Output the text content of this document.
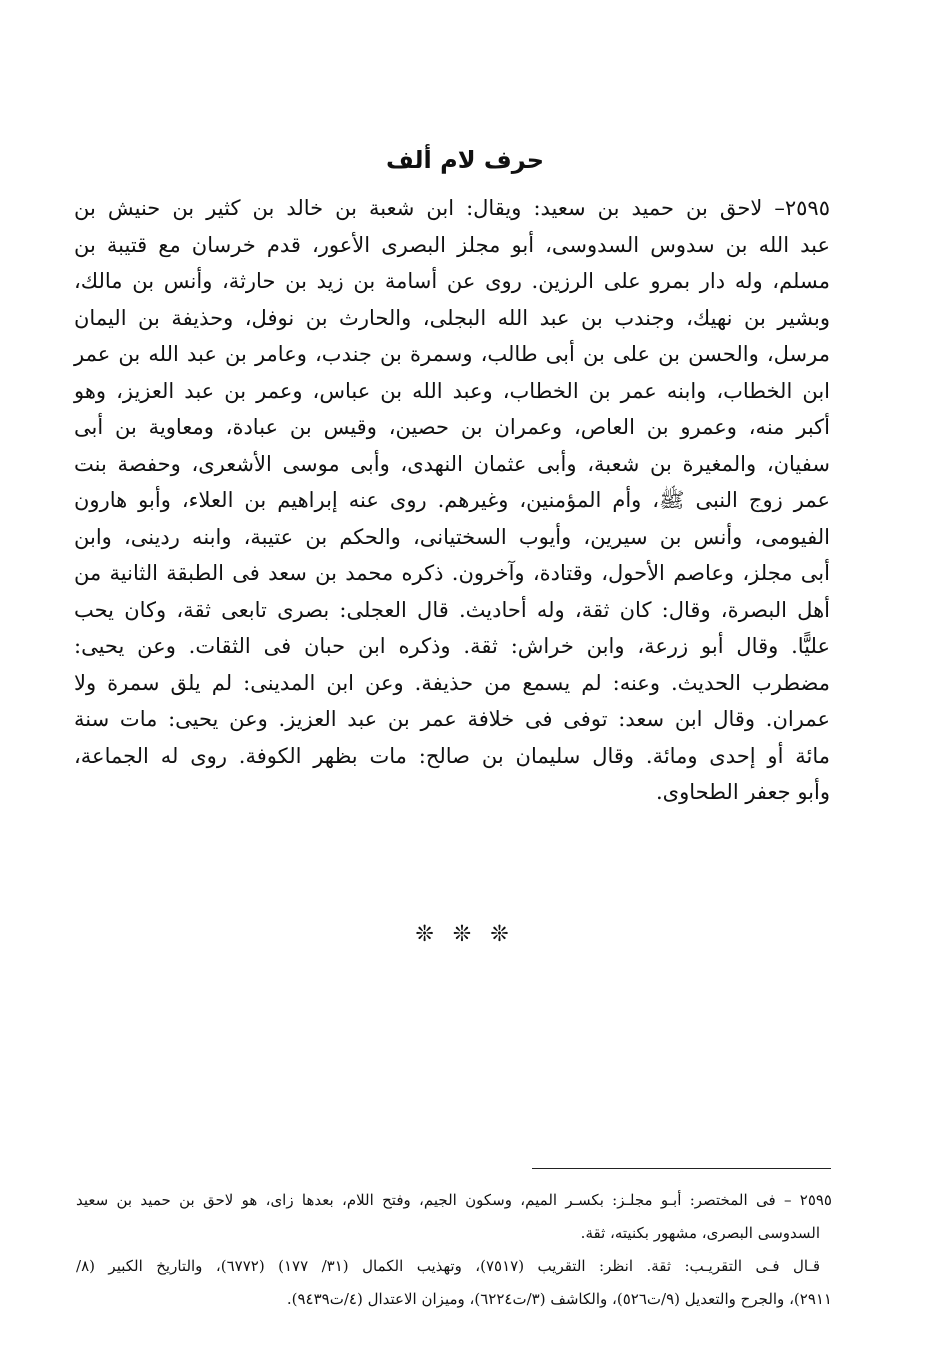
حرف لام ألف
٢٥٩٥– لاحق بن حميد بن سعيد: ويقال: ابن شعبة بن خالد بن كثير بن حنيش بن
عبد الله بن سدوس السدوسى، أبو مجلز البصرى الأعور، قدم خرسان مع قتيبة بن
مسلم، وله دار بمرو على الرزين. روى عن أسامة بن زيد بن حارثة، وأنس بن مالك،
وبشير بن نهيك، وجندب بن عبد الله البجلى، والحارث بن نوفل، وحذيفة بن اليمان
مرسل، والحسن بن على بن أبى طالب، وسمرة بن جندب، وعامر بن عبد الله بن عمر
ابن الخطاب، وابنه عمر بن الخطاب، وعبد الله بن عباس، وعمر بن عبد العزيز، وهو
أكبر منه، وعمرو بن العاص، وعمران بن حصين، وقيس بن عبادة، ومعاوية بن أبى
سفيان، والمغيرة بن شعبة، وأبى عثمان النهدى، وأبى موسى الأشعرى، وحفصة بنت
عمر زوج النبى ﷺ، وأم المؤمنين، وغيرهم. روى عنه إبراهيم بن العلاء، وأبو هارون
الفيومى، وأنس بن سيرين، وأيوب السختيانى، والحكم بن عتيبة، وابنه ردينى، وابن
أبى مجلز، وعاصم الأحول، وقتادة، وآخرون. ذكره محمد بن سعد فى الطبقة الثانية من
أهل البصرة، وقال: كان ثقة، وله أحاديث. قال العجلى: بصرى تابعى ثقة، وكان يحب
عليًّا. وقال أبو زرعة، وابن خراش: ثقة. وذكره ابن حبان فى الثقات. وعن يحيى:
مضطرب الحديث. وعنه: لم يسمع من حذيفة. وعن ابن المدينى: لم يلق سمرة ولا
عمران. وقال ابن سعد: توفى فى خلافة عمر بن عبد العزيز. وعن يحيى: مات سنة
مائة أو إحدى ومائة. وقال سليمان بن صالح: مات بظهر الكوفة. روى له الجماعة،
وأبو جعفر الطحاوى.
❊ ❊ ❊
٢٥٩٥ – فى المختصر: أبـو مجلـز: بكسـر الميم، وسكون الجيم، وفتح اللام، بعدها زاى، هو لاحق بن حميد بن سعيد
السدوسى البصرى، مشهور بكنيته، ثقة.
قـال فـى التقريـب: ثقة. انظر: التقريب (٧٥١٧)، وتهذيب الكمال (٣١/ ١٧٧) (٦٧٧٢)، والتاريخ الكبير (٨/
٢٩١١)، والجرح والتعديل (٩/ت٥٢٦)، والكاشف (٣/ت٦٢٢٤)، وميزان الاعتدال (٤/ت٩٤٣٩).
